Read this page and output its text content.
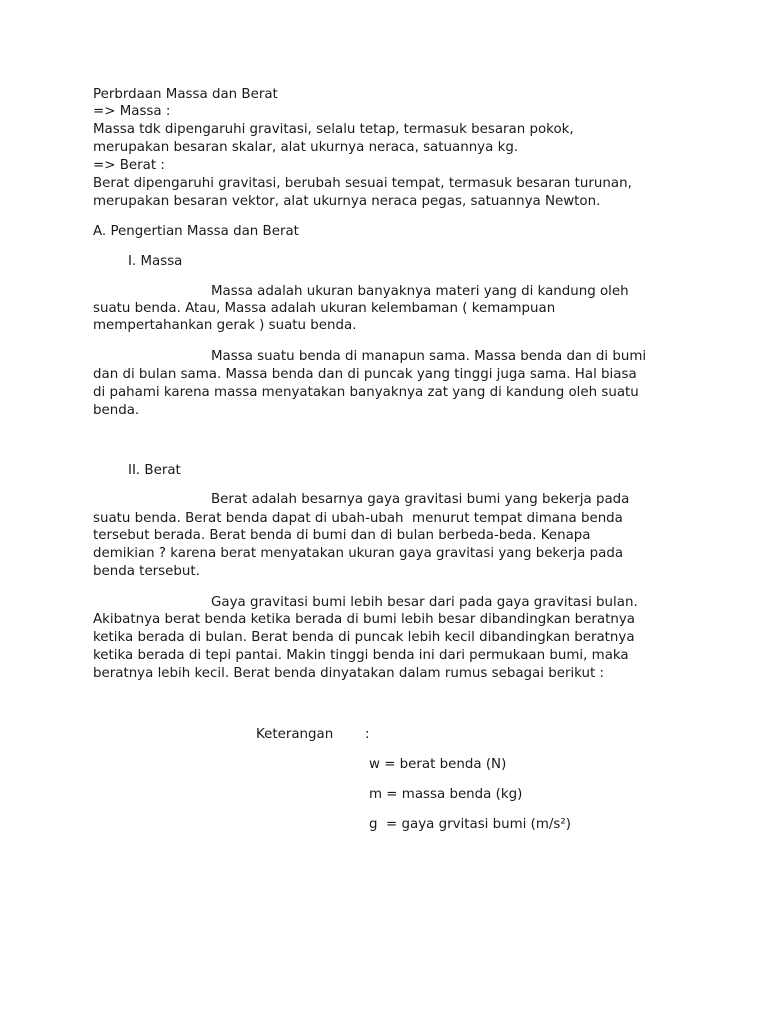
Perbrdaan Massa dan Berat

=> Massa :

Massa tdk dipengaruhi gravitasi, selalu tetap, termasuk besaran pokok,

merupakan besaran skalar, alat ukurnya neraca, satuannya kg.

=> Berat :

Berat dipengaruhi gravitasi, berubah sesuai tempat, termasuk besaran turunan,

merupakan besaran vektor, alat ukurnya neraca pegas, satuannya Newton.

A. Pengertian Massa dan Berat

I. Massa

Massa adalah ukuran banyaknya materi yang di kandung oleh

suatu benda. Atau, Massa adalah ukuran kelembaman ( kemampuan

mempertahankan gerak ) suatu benda.

Massa suatu benda di manapun sama. Massa benda dan di bumi

dan di bulan sama. Massa benda dan di puncak yang tinggi juga sama. Hal biasa

di pahami karena massa menyatakan banyaknya zat yang di kandung oleh suatu

benda.

II. Berat

Berat adalah besarnya gaya gravitasi bumi yang bekerja pada

suatu benda. Berat benda dapat di ubah-ubah  menurut tempat dimana benda

tersebut berada. Berat benda di bumi dan di bulan berbeda-beda. Kenapa

demikian ? karena berat menyatakan ukuran gaya gravitasi yang bekerja pada

benda tersebut.

Gaya gravitasi bumi lebih besar dari pada gaya gravitasi bulan.

Akibatnya berat benda ketika berada di bumi lebih besar dibandingkan beratnya

ketika berada di bulan. Berat benda di puncak lebih kecil dibandingkan beratnya

ketika berada di tepi pantai. Makin tinggi benda ini dari permukaan bumi, maka

beratnya lebih kecil. Berat benda dinyatakan dalam rumus sebagai berikut :

Keterangan :

w = berat benda (N)

m = massa benda (kg)

g  = gaya grvitasi bumi (m/s²)
